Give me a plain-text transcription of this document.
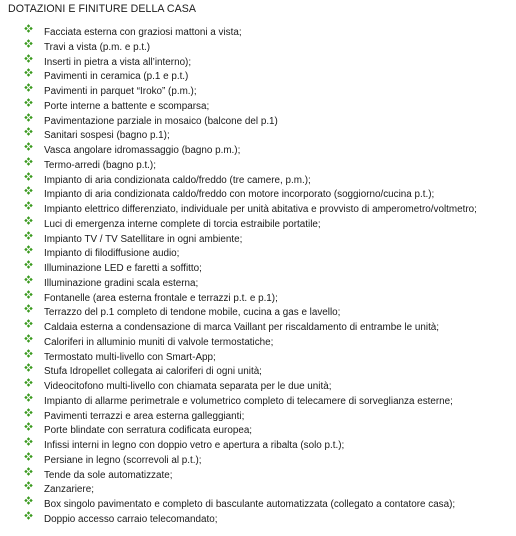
DOTAZIONI E FINITURE DELLA CASA
Facciata esterna con graziosi mattoni a vista;
Travi a vista (p.m. e p.t.)
Inserti in pietra a vista all’interno);
Pavimenti in ceramica (p.1 e p.t.)
Pavimenti in parquet “Iroko” (p.m.);
Porte interne a battente e scomparsa;
Pavimentazione parziale in mosaico (balcone del p.1)
Sanitari sospesi (bagno p.1);
Vasca angolare idromassaggio (bagno p.m.);
Termo-arredi (bagno p.t.);
Impianto di aria condizionata caldo/freddo (tre camere, p.m.);
Impianto di aria condizionata caldo/freddo con motore incorporato (soggiorno/cucina p.t.);
Impianto elettrico differenziato, individuale per unità abitativa e provvisto di amperometro/voltmetro;
Luci di emergenza interne complete di torcia estraibile portatile;
Impianto TV / TV Satellitare in ogni ambiente;
Impianto di filodiffusione audio;
Illuminazione LED e faretti a soffitto;
Illuminazione gradini scala esterna;
Fontanelle (area esterna frontale e terrazzi p.t. e p.1);
Terrazzo del p.1 completo di tendone mobile, cucina a gas e lavello;
Caldaia esterna a condensazione di marca Vaillant per riscaldamento di entrambe le unità;
Caloriferi in alluminio muniti di valvole termostatiche;
Termostato multi-livello con Smart-App;
Stufa Idropellet collegata ai caloriferi di ogni unità;
Videocitofono multi-livello con chiamata separata per le due unità;
Impianto di allarme perimetrale e volumetrico completo di telecamere di sorveglianza esterne;
Pavimenti terrazzi e area esterna galleggianti;
Porte blindate con serratura codificata europea;
Infissi interni in legno con doppio vetro e apertura a ribalta (solo p.t.);
Persiane in legno (scorrevoli al p.t.);
Tende da sole automatizzate;
Zanzariere;
Box singolo pavimentato e completo di basculante automatizzata (collegato a contatore casa);
Doppio accesso carraio telecomandato;
